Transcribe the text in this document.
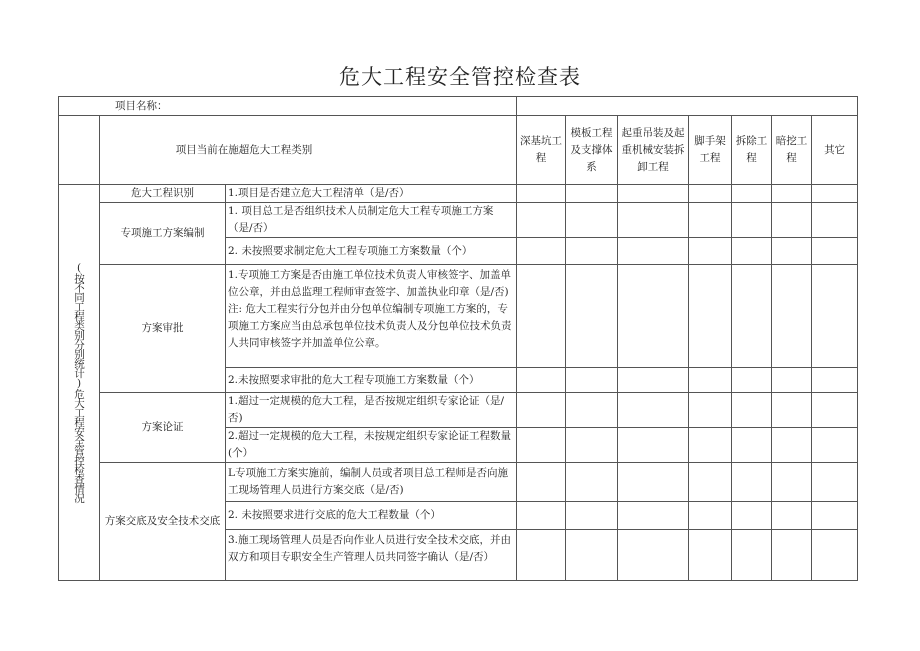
危大工程安全管控检查表
项目名称：									
	项目当前在施超危大工程类别		深基坑工程	模板工程及支撑体系	起重吊装及起重机械安装拆卸工程	脚手架工程	拆除工程	暗挖工程	其它

(按不同工程类别分别统计)危大工程安全管控检查情况	危大工程识别	1.项目是否建立危大工程清单（是/否）							
	专项施工方案编制	1. 项目总工是否组织技术人员制定危大工程专项施工方案（是/否）							
		2. 未按照要求制定危大工程专项施工方案数量（个）							
	方案审批	1.专项施工方案是否由施工单位技术负责人审核签字、加盖单位公章，并由总监理工程师审查签字、加盖执业印章（是/否)注: 危大工程实行分包并由分包单位编制专项施工方案的，专项施工方案应当由总承包单位技术负责人及分包单位技术负责人共同审核签字并加盖单位公章。							
		2.未按照要求审批的危大工程专项施工方案数量（个）							
	方案论证	1.超过一定规模的危大工程，是否按规定组织专家论证（是/否)							
		2.超过一定规模的危大工程，未按规定组织专家论证工程数量(个）							
	方案交底及安全技术交底	L专项施工方案实施前，编制人员或者项目总工程师是否向施工现场管理人员进行方案交底（是/否)							
		2. 未按照要求进行交底的危大工程数量（个）							
		3.施工现场管理人员是否向作业人员进行安全技术交底，并由双方和项目专职安全生产管理人员共同签字确认（是/否）							
